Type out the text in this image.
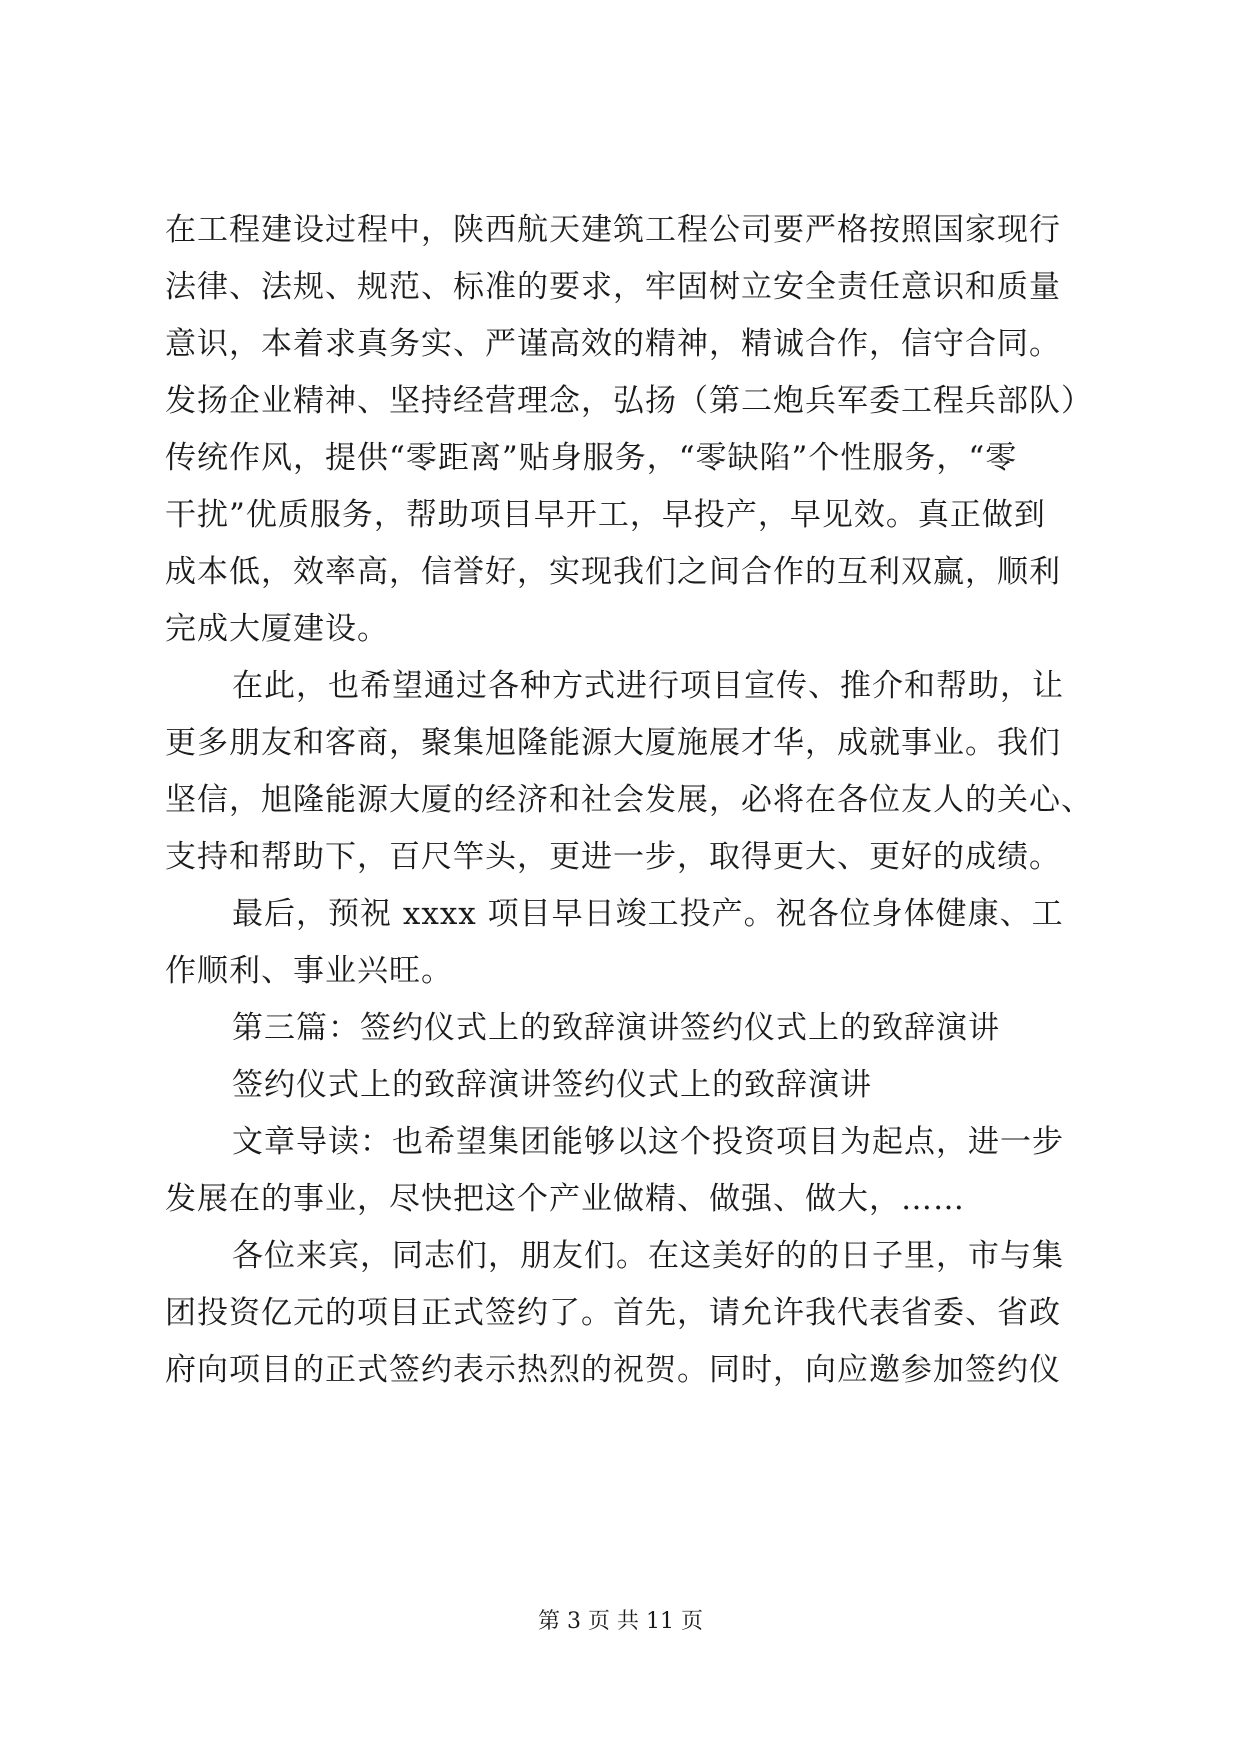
在工程建设过程中，陕西航天建筑工程公司要严格按照国家现行
法律、法规、规范、标准的要求，牢固树立安全责任意识和质量
意识，本着求真务实、严谨高效的精神，精诚合作，信守合同。
发扬企业精神、坚持经营理念，弘扬（第二炮兵军委工程兵部队）
传统作风，提供“零距离”贴身服务，“零缺陷”个性服务，“零
干扰”优质服务，帮助项目早开工，早投产，早见效。真正做到
成本低，效率高，信誉好，实现我们之间合作的互利双赢，顺利
完成大厦建设。
在此，也希望通过各种方式进行项目宣传、推介和帮助，让
更多朋友和客商，聚集旭隆能源大厦施展才华，成就事业。我们
坚信，旭隆能源大厦的经济和社会发展，必将在各位友人的关心、
支持和帮助下，百尺竿头，更进一步，取得更大、更好的成绩。
最后，预祝 xxxx 项目早日竣工投产。祝各位身体健康、工
作顺利、事业兴旺。
第三篇：签约仪式上的致辞演讲签约仪式上的致辞演讲
签约仪式上的致辞演讲签约仪式上的致辞演讲
文章导读：也希望集团能够以这个投资项目为起点，进一步
发展在的事业，尽快把这个产业做精、做强、做大，……
各位来宾，同志们，朋友们。在这美好的的日子里，市与集
团投资亿元的项目正式签约了。首先，请允许我代表省委、省政
府向项目的正式签约表示热烈的祝贺。同时，向应邀参加签约仪
第 3 页 共 11 页
